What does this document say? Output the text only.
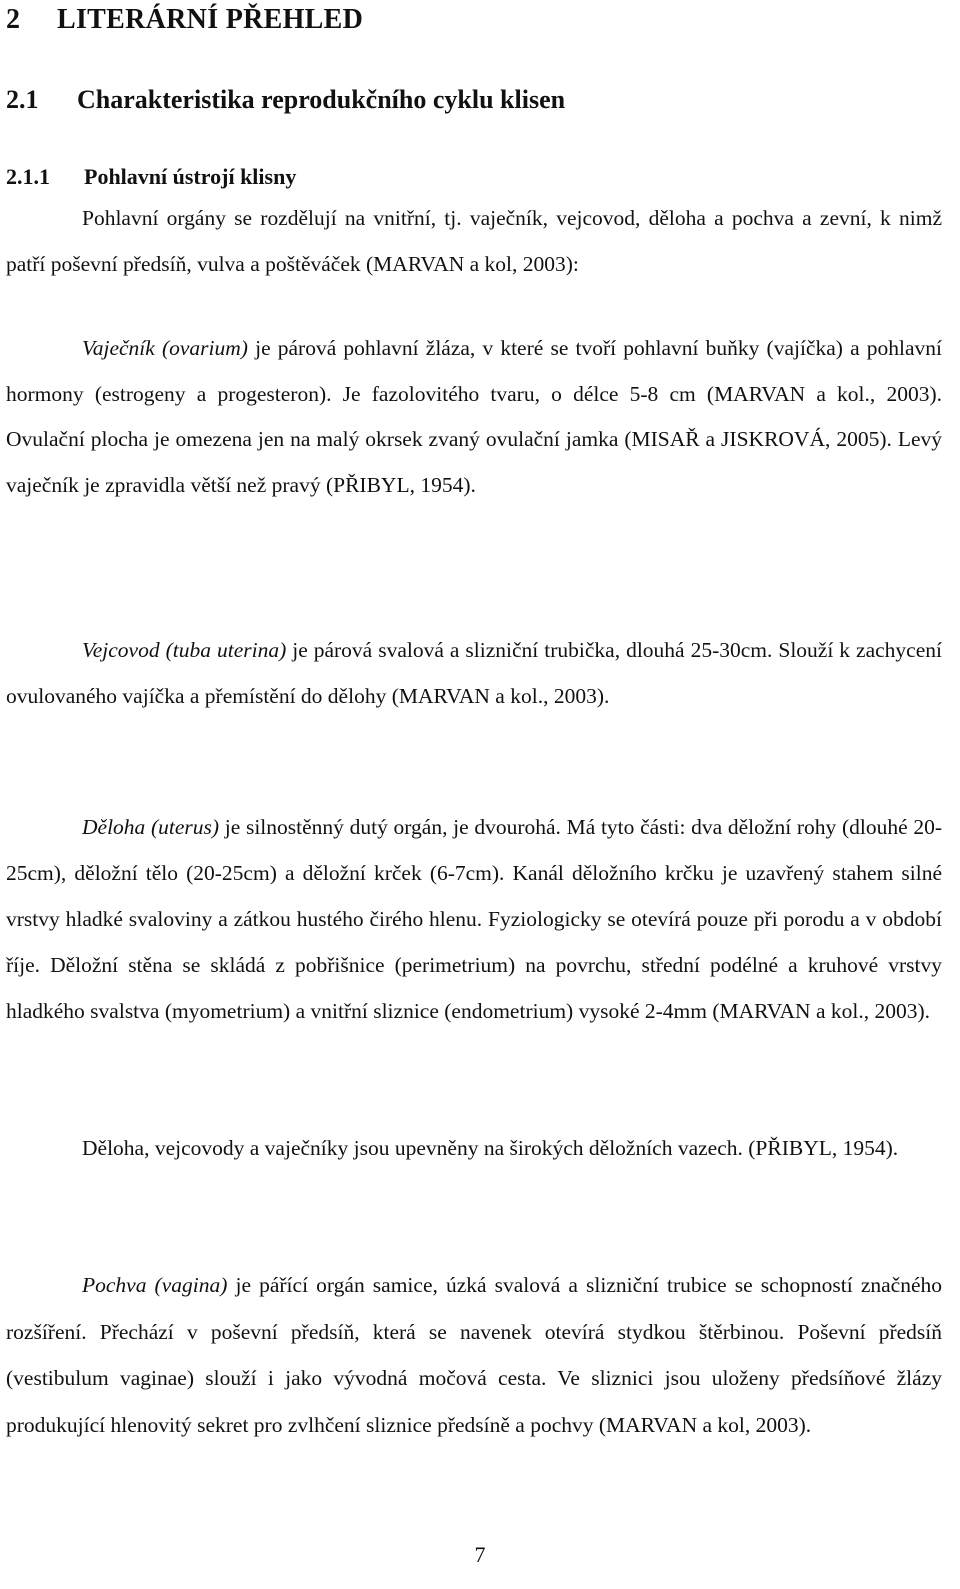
2 LITERÁRNÍ PŘEHLED
2.1 Charakteristika reprodukčního cyklu klisen
2.1.1 Pohlavní ústrojí klisny

Pohlavní orgány se rozdělují na vnitřní, tj. vaječník, vejcovod, děloha a pochva a zevní, k nimž patří poševní předsíň, vulva a poštěváček (MARVAN a kol, 2003):

Vaječník (ovarium) je párová pohlavní žláza, v které se tvoří pohlavní buňky (vajíčka) a pohlavní hormony (estrogeny a progesteron). Je fazolovitého tvaru, o délce 5-8 cm (MARVAN a kol., 2003). Ovulační plocha je omezena jen na malý okrsek zvaný ovulační jamka (MISAŘ a JISKROVÁ, 2005). Levý vaječník je zpravidla větší než pravý (PŘIBYL, 1954).

Vejcovod (tuba uterina) je párová svalová a slizniční trubička, dlouhá 25-30cm. Slouží k zachycení ovulovaného vajíčka a přemístění do dělohy (MARVAN a kol., 2003).

Děloha (uterus) je silnostěnný dutý orgán, je dvourohá. Má tyto části: dva děložní rohy (dlouhé 20-25cm), děložní tělo (20-25cm) a děložní krček (6-7cm). Kanál děložního krčku je uzavřený stahem silné vrstvy hladké svaloviny a zátkou hustého čirého hlenu. Fyziologicky se otevírá pouze při porodu a v období říje. Děložní stěna se skládá z pobřišnice (perimetrium) na povrchu, střední podélné a kruhové vrstvy hladkého svalstva (myometrium) a vnitřní sliznice (endometrium) vysoké 2-4mm (MARVAN a kol., 2003).

Děloha, vejcovody a vaječníky jsou upevněny na širokých děložních vazech. (PŘIBYL, 1954).

Pochva (vagina) je pářící orgán samice, úzká svalová a slizniční trubice se schopností značného rozšíření. Přechází v poševní předsíň, která se navenek otevírá stydkou štěrbinou. Poševní předsíň (vestibulum vaginae) slouží i jako vývodná močová cesta. Ve sliznici jsou uloženy předsíňové žlázy produkující hlenovitý sekret pro zvlhčení sliznice předsíně a pochvy (MARVAN a kol, 2003).

7
